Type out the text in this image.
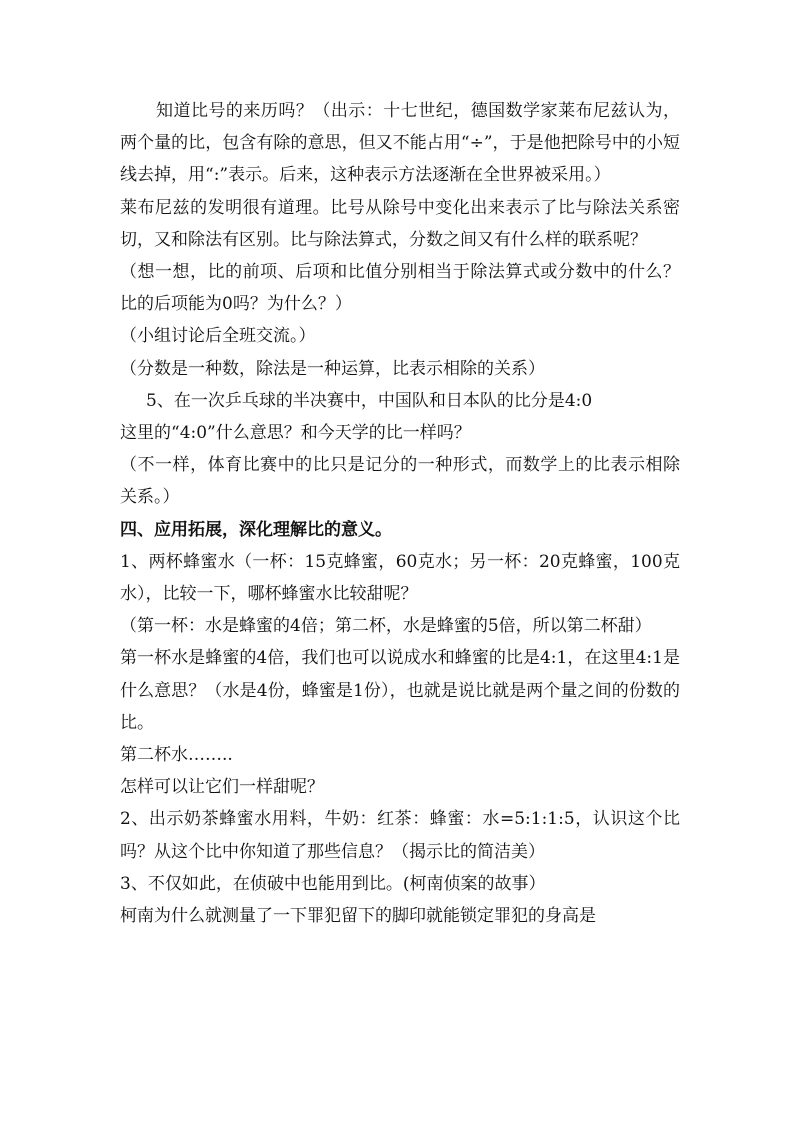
知道比号的来历吗？（出示：十七世纪，德国数学家莱布尼兹认为，两个量的比，包含有除的意思，但又不能占用“÷”，于是他把除号中的小短线去掉，用“:”表示。后来，这种表示方法逐渐在全世界被采用。）

莱布尼兹的发明很有道理。比号从除号中变化出来表示了比与除法关系密切，又和除法有区别。比与除法算式，分数之间又有什么样的联系呢？

（想一想，比的前项、后项和比值分别相当于除法算式或分数中的什么？比的后项能为0吗？为什么？）

（小组讨论后全班交流。）

（分数是一种数，除法是一种运算，比表示相除的关系）

5、在一次乒乓球的半决赛中，中国队和日本队的比分是4:0

这里的“4:0”什么意思？和今天学的比一样吗？

（不一样，体育比赛中的比只是记分的一种形式，而数学上的比表示相除关系。）

四、应用拓展，深化理解比的意义。

1、两杯蜂蜜水（一杯：15克蜂蜜，60克水；另一杯：20克蜂蜜，100克水），比较一下，哪杯蜂蜜水比较甜呢？

（第一杯：水是蜂蜜的4倍；第二杯，水是蜂蜜的5倍，所以第二杯甜）

第一杯水是蜂蜜的4倍，我们也可以说成水和蜂蜜的比是4:1，在这里4:1是什么意思？（水是4份，蜂蜜是1份），也就是说比就是两个量之间的份数的比。

第二杯水……..

怎样可以让它们一样甜呢？

2、出示奶茶蜂蜜水用料，牛奶：红茶：蜂蜜：水=5:1:1:5，认识这个比吗？从这个比中你知道了那些信息？（揭示比的简洁美）

3、不仅如此，在侦破中也能用到比。(柯南侦案的故事）

柯南为什么就测量了一下罪犯留下的脚印就能锁定罪犯的身高是
